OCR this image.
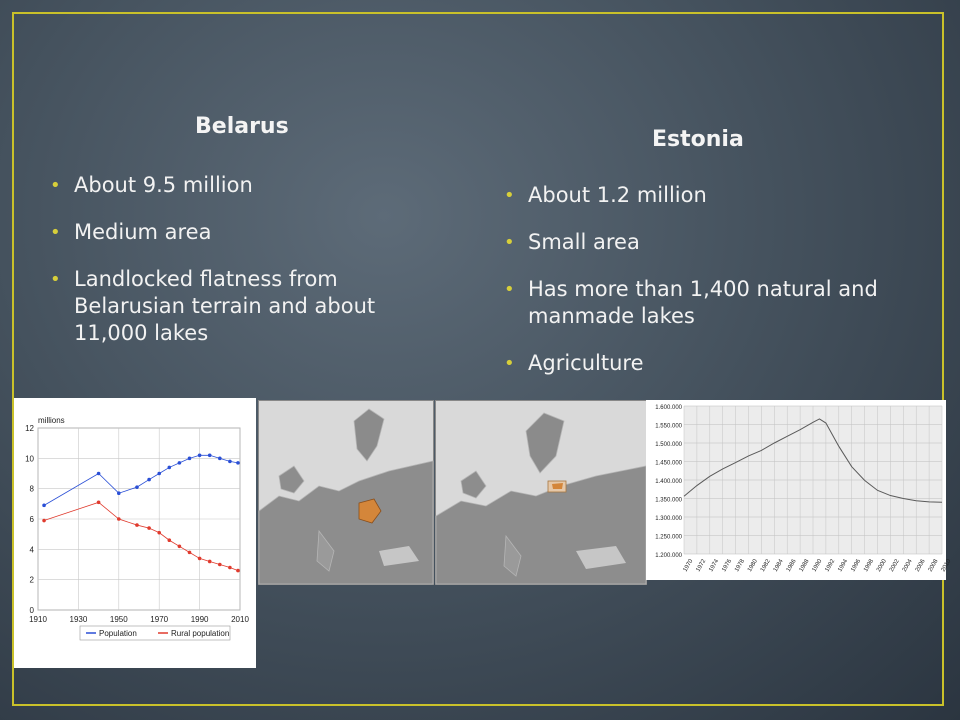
Belarus
• About 9.5 million
• Medium area
• Landlocked flatness from Belarusian terrain and about 11,000 lakes
Estonia
• About 1.2 million
• Small area
• Has more than 1,400 natural and manmade lakes
• Agriculture
millions
0
2
4
6
8
10
12
1910	1930	1950	1970	1990	2010
Population	Rural population
1.200.000
1.250.000
1.300.000
1.350.000
1.400.000
1.450.000
1.500.000
1.550.000
1.600.000
1970 1972 1974 1976 1978 1980 1982 1984 1986 1988 1990 1992 1994 1996 1998 2000 2002 2004 2006 2008 2010
